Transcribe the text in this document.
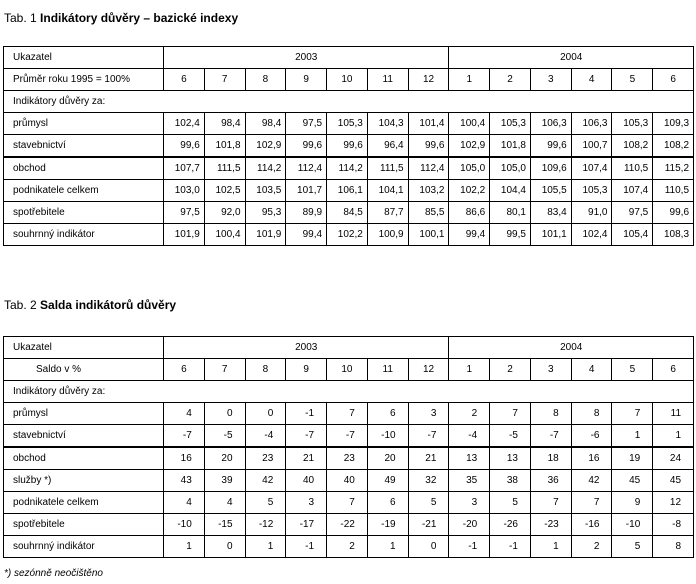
Tab. 1 Indikátory důvěry – bazické indexy
Ukazatel	2003							2004					
Průměr roku 1995 = 100%	6	7	8	9	10	11	12	1	2	3	4	5	6
Indikátory důvěry za:													
průmysl	102,4	98,4	98,4	97,5	105,3	104,3	101,4	100,4	105,3	106,3	106,3	105,3	109,3
stavebnictví	99,6	101,8	102,9	99,6	99,6	96,4	99,6	102,9	101,8	99,6	100,7	108,2	108,2
obchod	107,7	111,5	114,2	112,4	114,2	111,5	112,4	105,0	105,0	109,6	107,4	110,5	115,2
podnikatele celkem	103,0	102,5	103,5	101,7	106,1	104,1	103,2	102,2	104,4	105,5	105,3	107,4	110,5
spotřebitele	97,5	92,0	95,3	89,9	84,5	87,7	85,5	86,6	80,1	83,4	91,0	97,5	99,6
souhrnný indikátor	101,9	100,4	101,9	99,4	102,2	100,9	100,1	99,4	99,5	101,1	102,4	105,4	108,3
Tab. 2 Salda indikátorů důvěry
Ukazatel	2003							2004					
Saldo v %	6	7	8	9	10	11	12	1	2	3	4	5	6
Indikátory důvěry za:													
průmysl	4	0	0	-1	7	6	3	2	7	8	8	7	11
stavebnictví	-7	-5	-4	-7	-7	-10	-7	-4	-5	-7	-6	1	1
obchod	16	20	23	21	23	20	21	13	13	18	16	19	24
služby *)	43	39	42	40	40	49	32	35	38	36	42	45	45
podnikatele celkem	4	4	5	3	7	6	5	3	5	7	7	9	12
spotřebitele	-10	-15	-12	-17	-22	-19	-21	-20	-26	-23	-16	-10	-8
souhrnný indikátor	1	0	1	-1	2	1	0	-1	-1	1	2	5	8
*) sezónně neočištěno
